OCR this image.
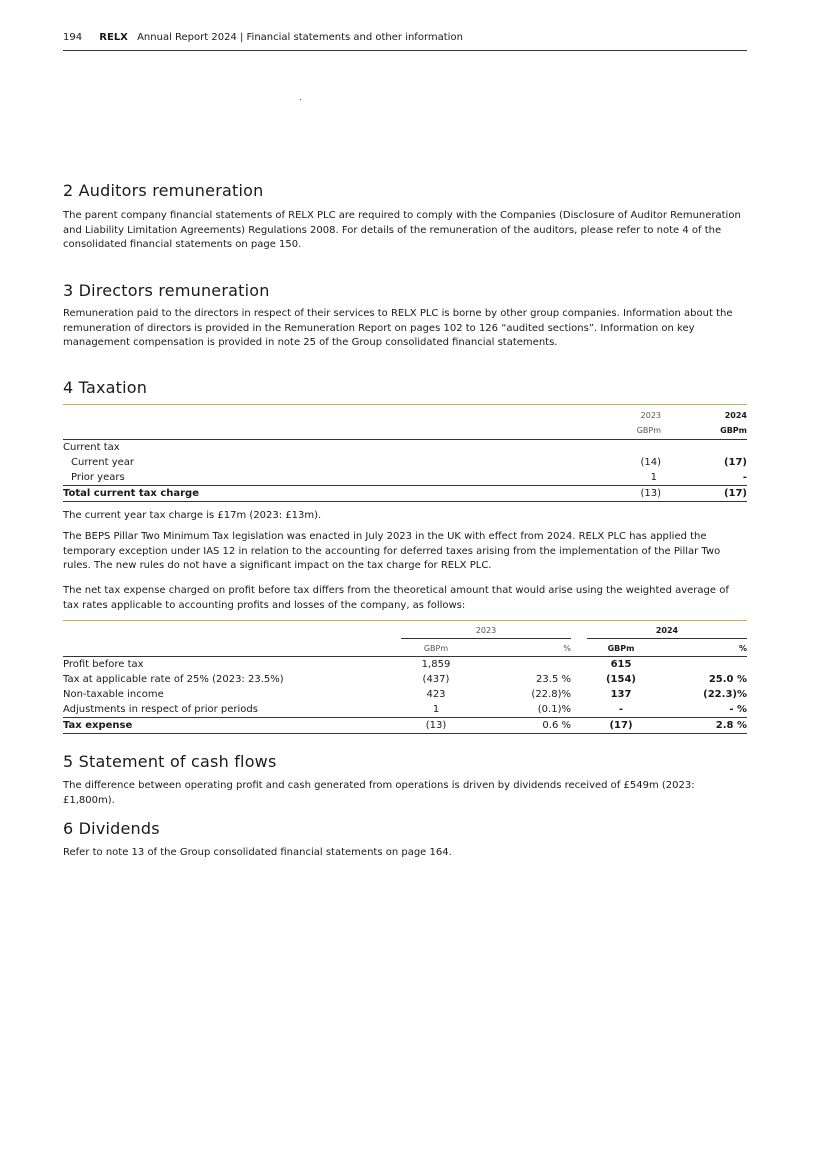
194 RELX Annual Report 2024 | Financial statements and other information
2 Auditors remuneration

The parent company financial statements of RELX PLC are required to comply with the Companies (Disclosure of Auditor Remuneration and Liability Limitation Agreements) Regulations 2008. For details of the remuneration of the auditors, please refer to note 4 of the consolidated financial statements on page 150.

3 Directors remuneration

Remuneration paid to the directors in respect of their services to RELX PLC is borne by other group companies. Information about the remuneration of directors is provided in the Remuneration Report on pages 102 to 126 “audited sections”. Information on key management compensation is provided in note 25 of the Group consolidated financial statements.

4 Taxation
	2023	2024
	GBPm	GBPm
Current tax		
Current year	(14)	(17)
Prior years	1	-
Total current tax charge	(13)	(17)

The current year tax charge is £17m (2023: £13m).

The BEPS Pillar Two Minimum Tax legislation was enacted in July 2023 in the UK with effect from 2024. RELX PLC has applied the temporary exception under IAS 12 in relation to the accounting for deferred taxes arising from the implementation of the Pillar Two rules. The new rules do not have a significant impact on the tax charge for RELX PLC.

The net tax expense charged on profit before tax differs from the theoretical amount that would arise using the weighted average of tax rates applicable to accounting profits and losses of the company, as follows:

	2023			2024	
	GBPm	%		GBPm	%
Profit before tax	1,859			615	
Tax at applicable rate of 25% (2023: 23.5%)	(437)	23.5 %		(154)	25.0 %
Non-taxable income	423	(22.8)%		137	(22.3)%
Adjustments in respect of prior periods	1	(0.1)%		-	- %
Tax expense	(13)	0.6 %		(17)	2.8 %
5 Statement of cash flows

The difference between operating profit and cash generated from operations is driven by dividends received of £549m (2023: £1,800m).

6 Dividends

Refer to note 13 of the Group consolidated financial statements on page 164.
